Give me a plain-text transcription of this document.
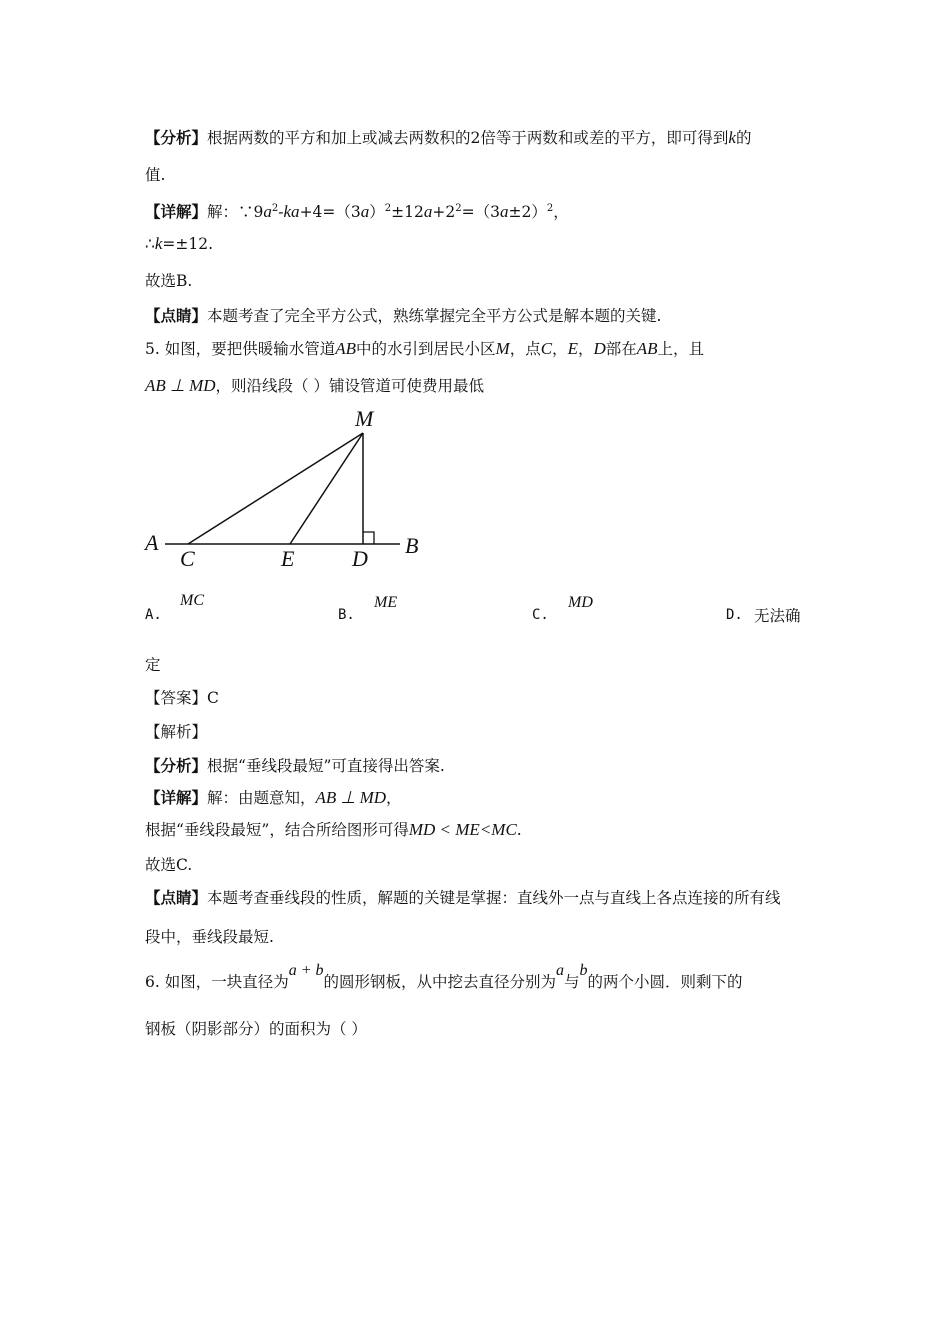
【分析】根据两数的平方和加上或减去两数积的2倍等于两数和或差的平方，即可得到k的
值.
【详解】解：$\because 9a^2-ka+4=(3a)^2\pm 12a+2^2=(3a\pm 2)^2$，
∴k=±12.
故选B.
【点睛】本题考查了完全平方公式，熟练掌握完全平方公式是解本题的关键.
5. 如图，要把供暖输水管道AB中的水引到居民小区M，点C，E，D部在AB上，且
AB ⊥ MD，则沿线段（ ）铺设管道可使费用最低
M
A
C	E	D
B
A.
MC
B.
ME
C.
MD
D. 无法确
定
【答案】C
【解析】
【分析】根据“垂线段最短”可直接得出答案.
【详解】解：由题意知，AB ⊥ MD，
根据“垂线段最短”，结合所给图形可得MD < ME<MC.
故选C.
【点睛】本题考查垂线段的性质，解题的关键是掌握：直线外一点与直线上各点连接的所有线
段中，垂线段最短.
6. 如图，一块直径为a + b的圆形钢板，从中挖去直径分别为a与b的两个小圆．则剩下的
钢板（阴影部分）的面积为（ ）
